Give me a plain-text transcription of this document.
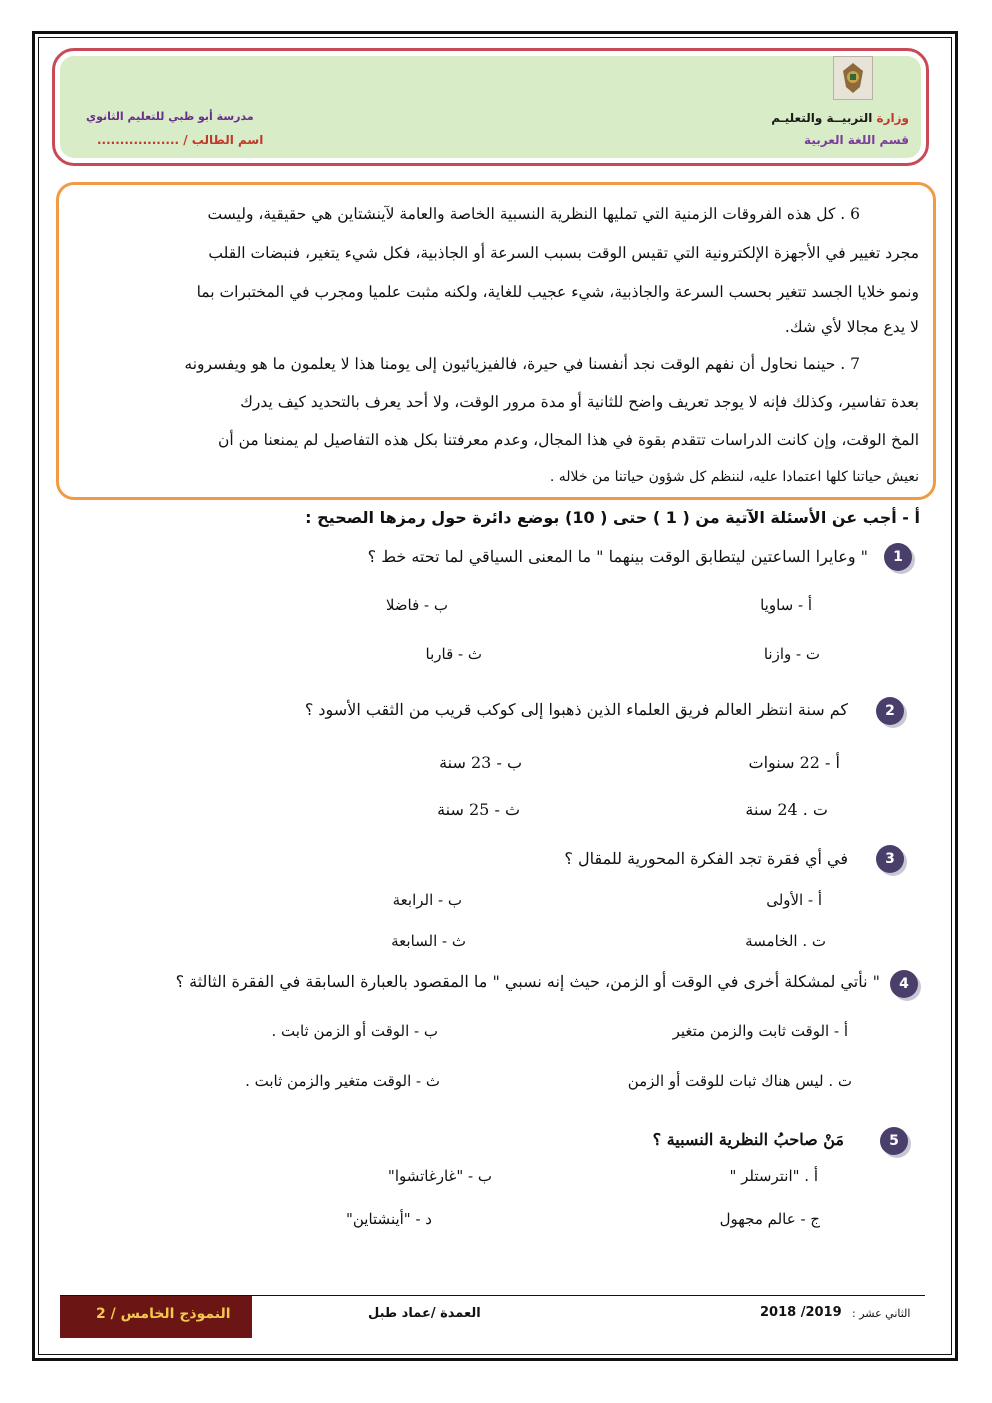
وزارة التربيــة والتعليـم
قسم اللغة العربية
مدرسة أبو ظبي للتعليم الثانوي
اسم الطالب / ..................
6 . كل هذه الفروقات الزمنية التي تمليها النظرية النسبية الخاصة والعامة لآينشتاين هي حقيقية، وليست
مجرد تغيير في الأجهزة الإلكترونية التي تقيس الوقت بسبب السرعة أو الجاذبية، فكل شيء يتغير، فنبضات القلب
ونمو خلايا الجسد تتغير بحسب السرعة والجاذبية، شيء عجيب للغاية، ولكنه مثبت علميا ومجرب في المختبرات بما
لا يدع مجالا لأي شك.
7 . حينما نحاول أن نفهم الوقت نجد أنفسنا في حيرة، فالفيزيائيون إلى يومنا هذا لا يعلمون ما هو ويفسرونه
بعدة تفاسير، وكذلك فإنه لا يوجد تعريف واضح للثانية أو مدة مرور الوقت، ولا أحد يعرف بالتحديد كيف يدرك
المخ الوقت، وإن كانت الدراسات تتقدم بقوة في هذا المجال، وعدم معرفتنا بكل هذه التفاصيل لم يمنعنا من أن
نعيش حياتنا كلها اعتمادا عليه، لننظم كل شؤون حياتنا من خلاله .
أ - أجب عن الأسئلة الآتية من ( 1 ) حتى ( 10) بوضع دائرة حول رمزها الصحيح :
1
" وعايرا الساعتين ليتطابق الوقت بينهما " ما المعنى السياقي لما تحته خط ؟
أ - ساويا
ب - فاضلا
ت - وازنا
ث - قاربا
2
كم سنة انتظر العالم فريق العلماء الذين ذهبوا إلى كوكب قريب من الثقب الأسود ؟
أ - 22 سنوات
ب - 23 سنة
ت . 24 سنة
ث - 25 سنة
3
في أي فقرة تجد الفكرة المحورية للمقال ؟
أ - الأولى
ب - الرابعة
ت . الخامسة
ث - السابعة
4
" نأتي لمشكلة أخرى في الوقت أو الزمن، حيث إنه نسبي " ما المقصود بالعبارة السابقة في الفقرة الثالثة ؟
أ - الوقت ثابت والزمن متغير
ب - الوقت أو الزمن ثابت .
ت . ليس هناك ثبات للوقت أو الزمن
ث - الوقت متغير والزمن ثابت .
5
مَنْ صاحبُ النظرية النسبية ؟
أ . "انترستلر "
ب - "غارغاتشوا"
ج - عالم مجهول
د - "أينشتاين"
النموذج الخامس / 2	العمدة /عماد طبل	2018 /2019 الثاني عشر :
